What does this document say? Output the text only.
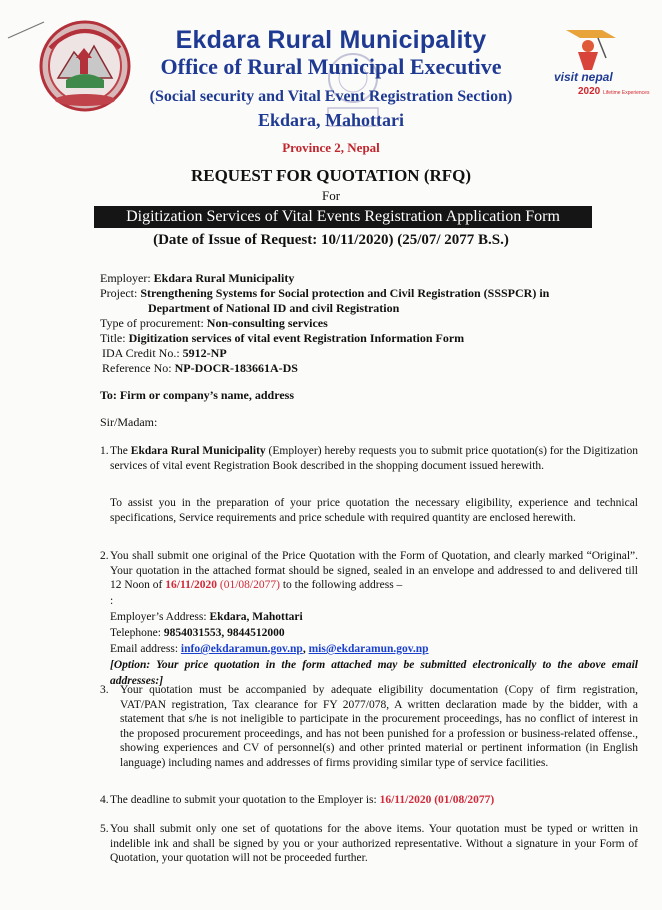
visit nepal
2020 Lifetime Experiences
Ekdara Rural Municipality
Office of Rural Municipal Executive
(Social security and Vital Event Registration Section)
Ekdara, Mahottari
Province 2, Nepal
REQUEST FOR QUOTATION (RFQ)
For
Digitization Services of Vital Events Registration Application Form
(Date of Issue of Request: 10/11/2020) (25/07/ 2077 B.S.)
Employer: Ekdara Rural Municipality
Project: Strengthening Systems for Social protection and Civil Registration (SSSPCR) in
Department of National ID and civil Registration
Type of procurement: Non-consulting services
Title: Digitization services of vital event Registration Information Form
IDA Credit No.: 5912-NP
Reference No: NP-DOCR-183661A-DS
To: Firm or company’s name, address
Sir/Madam:
1. The Ekdara Rural Municipality (Employer) hereby requests you to submit price quotation(s) for the Digitization services of vital event Registration Book described in the shopping document issued herewith.
To assist you in the preparation of your price quotation the necessary eligibility, experience and technical specifications, Service requirements and price schedule with required quantity are enclosed herewith.
2. You shall submit one original of the Price Quotation with the Form of Quotation, and clearly marked “Original”. Your quotation in the attached format should be signed, sealed in an envelope and addressed to and delivered till 12 Noon of 16/11/2020 (01/08/2077) to the following address –
:
Employer’s Address: Ekdara, Mahottari
Telephone: 9854031553, 9844512000
Email address: info@ekdaramun.gov.np, mis@ekdaramun.gov.np
[Option: Your price quotation in the form attached may be submitted electronically to the above email addresses:]
3. Your quotation must be accompanied by adequate eligibility documentation (Copy of firm registration, VAT/PAN registration, Tax clearance for FY 2077/078, A written declaration made by the bidder, with a statement that s/he is not ineligible to participate in the procurement proceedings, has no conflict of interest in the proposed procurement proceedings, and has not been punished for a profession or business-related offense., showing experiences and CV of personnel(s) and other printed material or pertinent information (in English language) including names and addresses of firms providing similar type of service facilities.
4. The deadline to submit your quotation to the Employer is: 16/11/2020 (01/08/2077)
5. You shall submit only one set of quotations for the above items. Your quotation must be typed or written in indelible ink and shall be signed by you or your authorized representative. Without a signature in your Form of Quotation, your quotation will not be proceeded further.
